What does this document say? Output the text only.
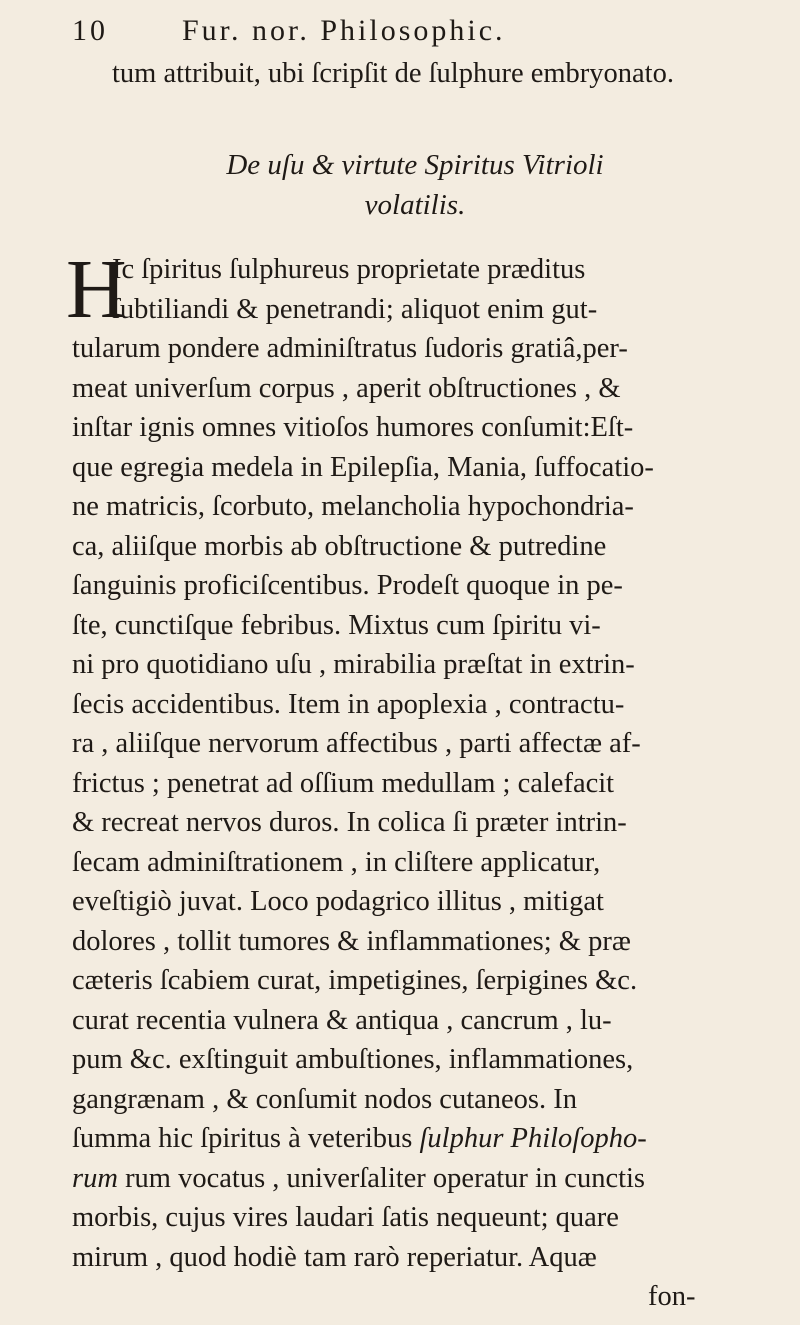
10 Fur. nor. Philosophic.
tum attribuit, ubi ſcripſit de ſulphure embryonato.
De uſu & virtute Spiritus Vitrioli
volatilis.
H
Ic ſpiritus ſulphureus proprietate præditus
ſubtiliandi & penetrandi; aliquot enim gut-
tularum pondere adminiſtratus ſudoris gratiâ,per-
meat univerſum corpus , aperit obſtructiones , &
inſtar ignis omnes vitioſos humores conſumit:Eſt-
que egregia medela in Epilepſia, Mania, ſuffocatio-
ne matricis, ſcorbuto, melancholia hypochondria-
ca, aliiſque morbis ab obſtructione & putredine
ſanguinis proficiſcentibus. Prodeſt quoque in pe-
ſte, cunctiſque febribus. Mixtus cum ſpiritu vi-
ni pro quotidiano uſu , mirabilia præſtat in extrin-
ſecis accidentibus. Item in apoplexia , contractu-
ra , aliiſque nervorum affectibus , parti affectæ af-
frictus ; penetrat ad oſſium medullam ; calefacit
& recreat nervos duros. In colica ſi præter intrin-
ſecam adminiſtrationem , in cliſtere applicatur,
eveſtigiò juvat. Loco podagrico illitus , mitigat
dolores , tollit tumores & inflammationes; & præ
cæteris ſcabiem curat, impetigines, ſerpigines &c.
curat recentia vulnera & antiqua , cancrum , lu-
pum &c. exſtinguit ambuſtiones, inflammationes,
gangrænam , & conſumit nodos cutaneos. In
ſumma hic ſpiritus à veteribus ſulphur Philoſopho-
rum rum vocatus , univerſaliter operatur in cunctis
morbis, cujus vires laudari ſatis nequeunt; quare
mirum , quod hodiè tam rarò reperiatur. Aquæ
fon-
